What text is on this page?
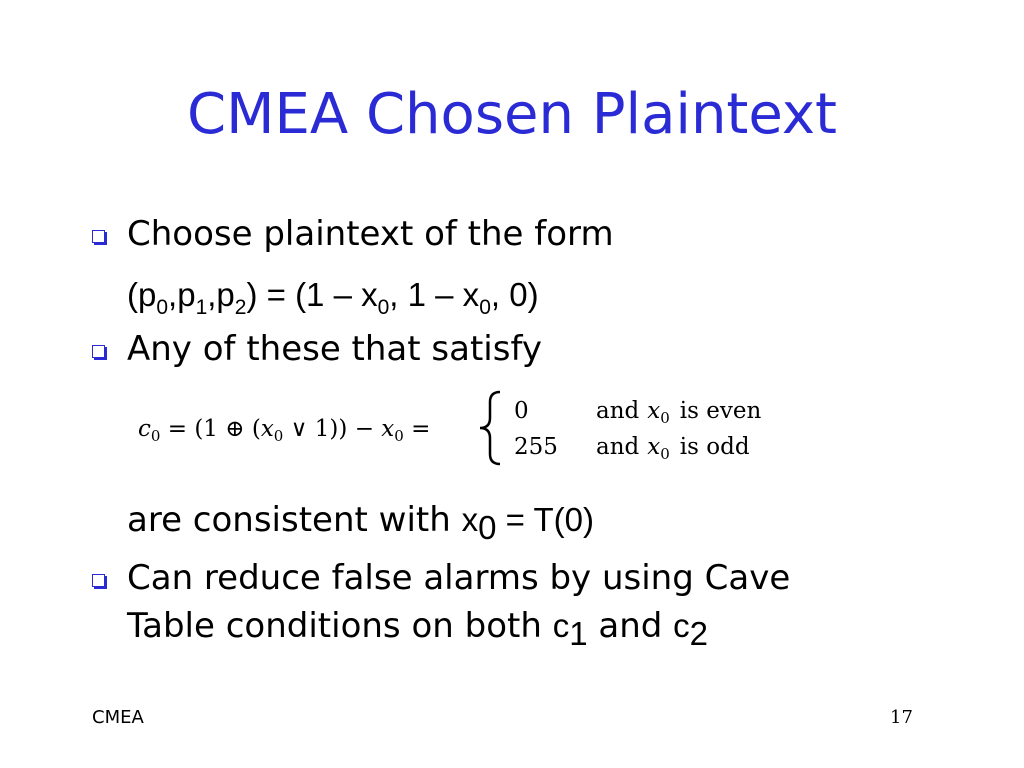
CMEA Chosen Plaintext
Choose plaintext of the form
$(p_0,p_1,p_2) = (1 - x_0$, $1 - x_0$, 0)
Any of these that satisfy
$c_0 = (1$ ⊕ ($x_0$ ∨ $1)) - x_0$ =
0	and $x_0$ is even
255 and $x_0$ is odd
are consistent with $x_0 = T(0)$
Can reduce false alarms by using Cave
Table conditions on both $c_1$ and $c_2$
CMEA	17
